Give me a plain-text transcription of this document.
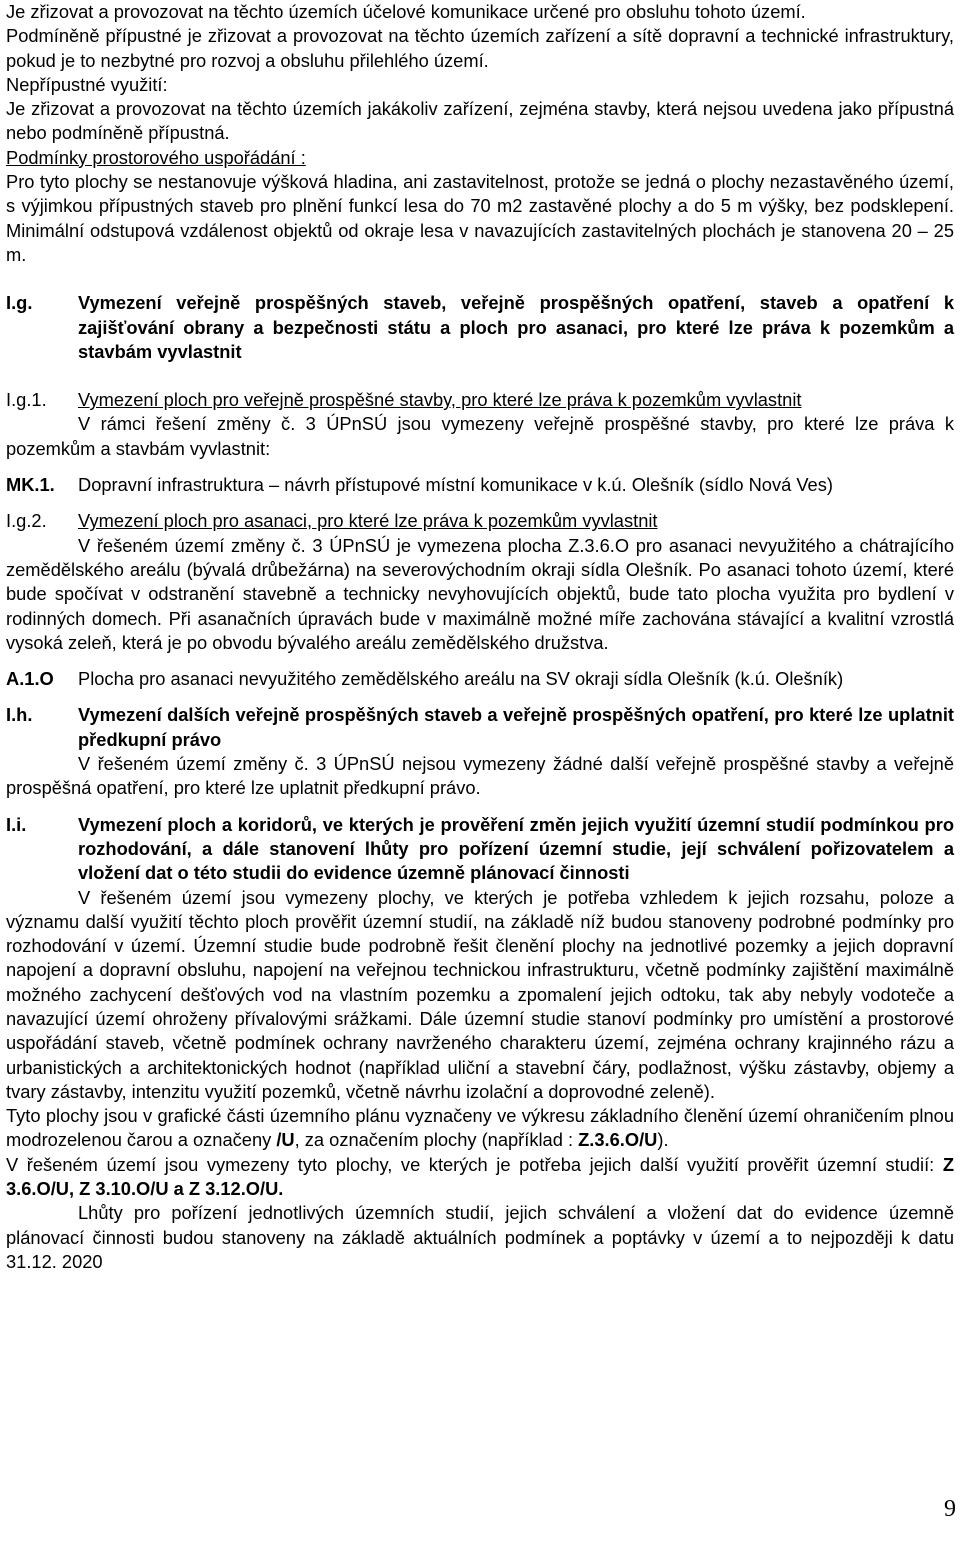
Je zřizovat a provozovat na těchto územích účelové komunikace určené pro obsluhu tohoto území.

Podmíněně přípustné je zřizovat a provozovat na těchto územích zařízení a sítě dopravní a technické infrastruktury, pokud je to nezbytné pro rozvoj a obsluhu přilehlého území.

Nepřípustné využití:

Je zřizovat a provozovat na těchto územích jakákoliv zařízení, zejména stavby, která nejsou uvedena jako přípustná nebo podmíněně přípustná.

Podmínky prostorového uspořádání :

Pro tyto plochy se nestanovuje výšková hladina, ani zastavitelnost, protože se jedná o plochy nezastavěného území, s výjimkou přípustných staveb pro plnění funkcí lesa do 70 m2 zastavěné plochy a do 5 m výšky, bez podsklepení. Minimální odstupová vzdálenost objektů od okraje lesa v navazujících zastavitelných plochách je stanovena 20 – 25 m.

I.g.	Vymezení veřejně prospěšných staveb, veřejně prospěšných opatření, staveb a opatření k zajišťování obrany a bezpečnosti státu a ploch pro asanaci, pro které lze práva k pozemkům a stavbám vyvlastnit
I.g.1.	Vymezení ploch pro veřejně prospěšné stavby, pro které lze práva k pozemkům vyvlastnit

V rámci řešení změny č. 3 ÚPnSÚ jsou vymezeny veřejně prospěšné stavby, pro které lze práva k pozemkům a stavbám vyvlastnit:

MK.1.	Dopravní infrastruktura – návrh přístupové místní komunikace v k.ú. Olešník (sídlo Nová Ves)
I.g.2.	Vymezení ploch pro asanaci, pro které lze práva k pozemkům vyvlastnit

V řešeném území změny č. 3 ÚPnSÚ je vymezena plocha Z.3.6.O pro asanaci nevyužitého a chátrajícího zemědělského areálu (bývalá drůbežárna) na severovýchodním okraji sídla Olešník. Po asanaci tohoto území, které bude spočívat v odstranění stavebně a technicky nevyhovujících objektů, bude tato plocha využita pro bydlení v rodinných domech. Při asanačních úpravách bude v maximálně možné míře zachována stávající a kvalitní vzrostlá vysoká zeleň, která je po obvodu bývalého areálu zemědělského družstva.

A.1.O	Plocha pro asanaci nevyužitého zemědělského areálu na SV okraji sídla Olešník (k.ú. Olešník)
I.h.	Vymezení dalších veřejně prospěšných staveb a veřejně prospěšných opatření, pro které lze uplatnit předkupní právo

V řešeném území změny č. 3 ÚPnSÚ nejsou vymezeny žádné další veřejně prospěšné stavby a veřejně prospěšná opatření, pro které lze uplatnit předkupní právo.

I.i.	Vymezení ploch a koridorů, ve kterých je prověření změn jejich využití územní studií podmínkou pro rozhodování, a dále stanovení lhůty pro pořízení územní studie, její schválení pořizovatelem a vložení dat o této studii do evidence územně plánovací činnosti

V řešeném území jsou vymezeny plochy, ve kterých je potřeba vzhledem k jejich rozsahu, poloze a významu další využití těchto ploch prověřit územní studií, na základě níž budou stanoveny podrobné podmínky pro rozhodování v území. Územní studie bude podrobně řešit členění plochy na jednotlivé pozemky a jejich dopravní napojení a dopravní obsluhu, napojení na veřejnou technickou infrastrukturu, včetně podmínky zajištění maximálně možného zachycení dešťových vod na vlastním pozemku a zpomalení jejich odtoku, tak aby nebyly vodoteče a navazující území ohroženy přívalovými srážkami. Dále územní studie stanoví podmínky pro umístění a prostorové uspořádání staveb, včetně podmínek ochrany navrženého charakteru území, zejména ochrany krajinného rázu a urbanistických a architektonických hodnot (například uliční a stavební čáry, podlažnost, výšku zástavby, objemy a tvary zástavby, intenzitu využití pozemků, včetně návrhu izolační a doprovodné zeleně).

Tyto plochy jsou v grafické části územního plánu vyznačeny ve výkresu základního členění území ohraničením plnou modrozelenou čarou a označeny /U, za označením plochy (například : Z.3.6.O/U).

V řešeném území jsou vymezeny tyto plochy, ve kterých je potřeba jejich další využití prověřit územní studií: Z 3.6.O/U, Z 3.10.O/U a Z 3.12.O/U.

Lhůty pro pořízení jednotlivých územních studií, jejich schválení a vložení dat do evidence územně plánovací činnosti budou stanoveny na základě aktuálních podmínek a poptávky v území a to nejpozději k datu 31.12. 2020

9
